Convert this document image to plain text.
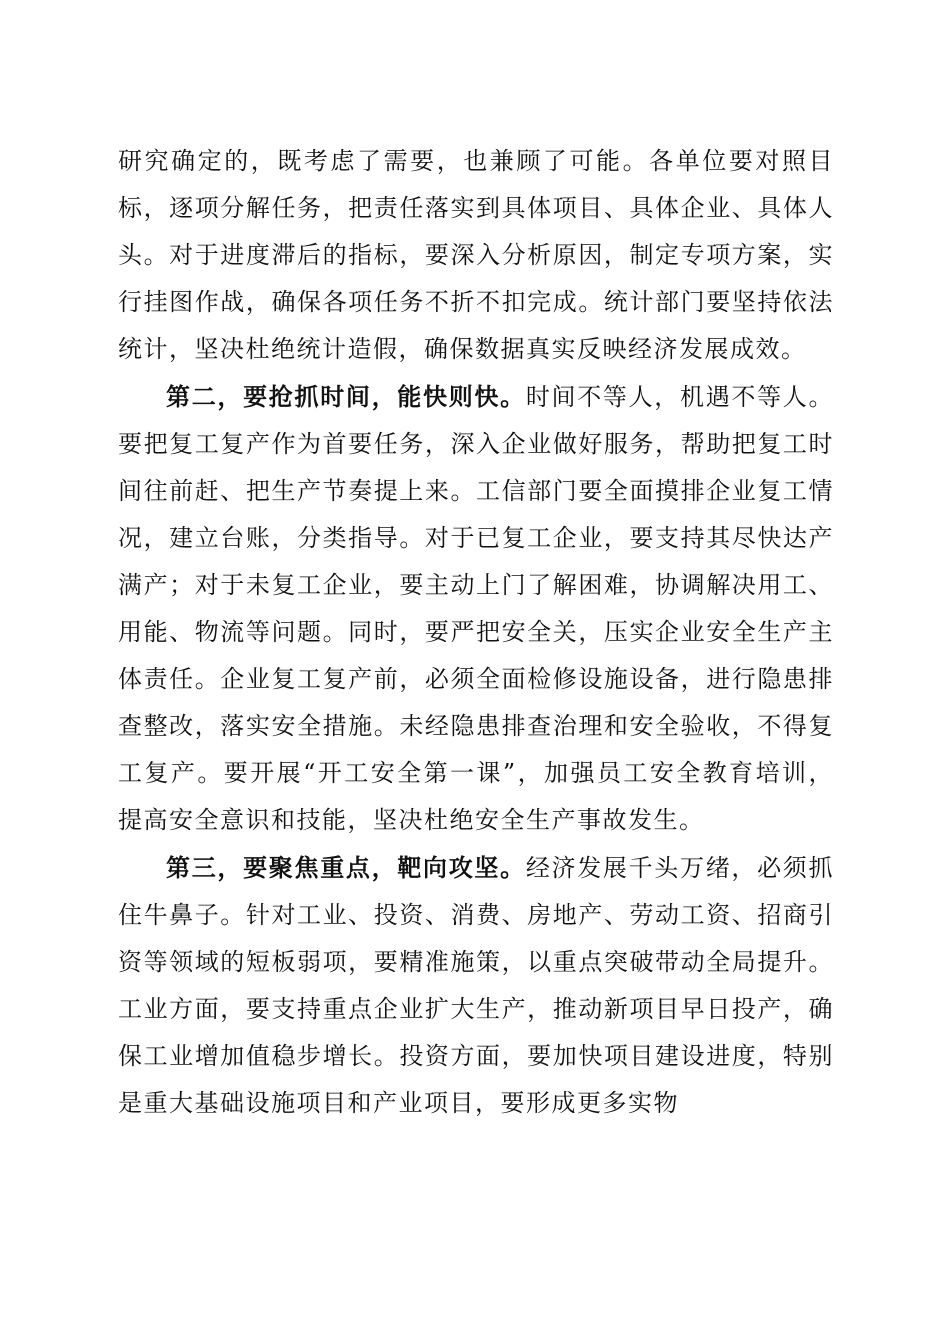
研究确定的，既考虑了需要，也兼顾了可能。各单位要对照目标，逐项分解任务，把责任落实到具体项目、具体企业、具体人头。对于进度滞后的指标，要深入分析原因，制定专项方案，实行挂图作战，确保各项任务不折不扣完成。统计部门要坚持依法统计，坚决杜绝统计造假，确保数据真实反映经济发展成效。

第二，要抢抓时间，能快则快。时间不等人，机遇不等人。要把复工复产作为首要任务，深入企业做好服务，帮助把复工时间往前赶、把生产节奏提上来。工信部门要全面摸排企业复工情况，建立台账，分类指导。对于已复工企业，要支持其尽快达产满产；对于未复工企业，要主动上门了解困难，协调解决用工、用能、物流等问题。同时，要严把安全关，压实企业安全生产主体责任。企业复工复产前，必须全面检修设施设备，进行隐患排查整改，落实安全措施。未经隐患排查治理和安全验收，不得复工复产。要开展“开工安全第一课”，加强员工安全教育培训，提高安全意识和技能，坚决杜绝安全生产事故发生。

第三，要聚焦重点，靶向攻坚。经济发展千头万绪，必须抓住牛鼻子。针对工业、投资、消费、房地产、劳动工资、招商引资等领域的短板弱项，要精准施策，以重点突破带动全局提升。工业方面，要支持重点企业扩大生产，推动新项目早日投产，确保工业增加值稳步增长。投资方面，要加快项目建设进度，特别是重大基础设施项目和产业项目，要形成更多实物
